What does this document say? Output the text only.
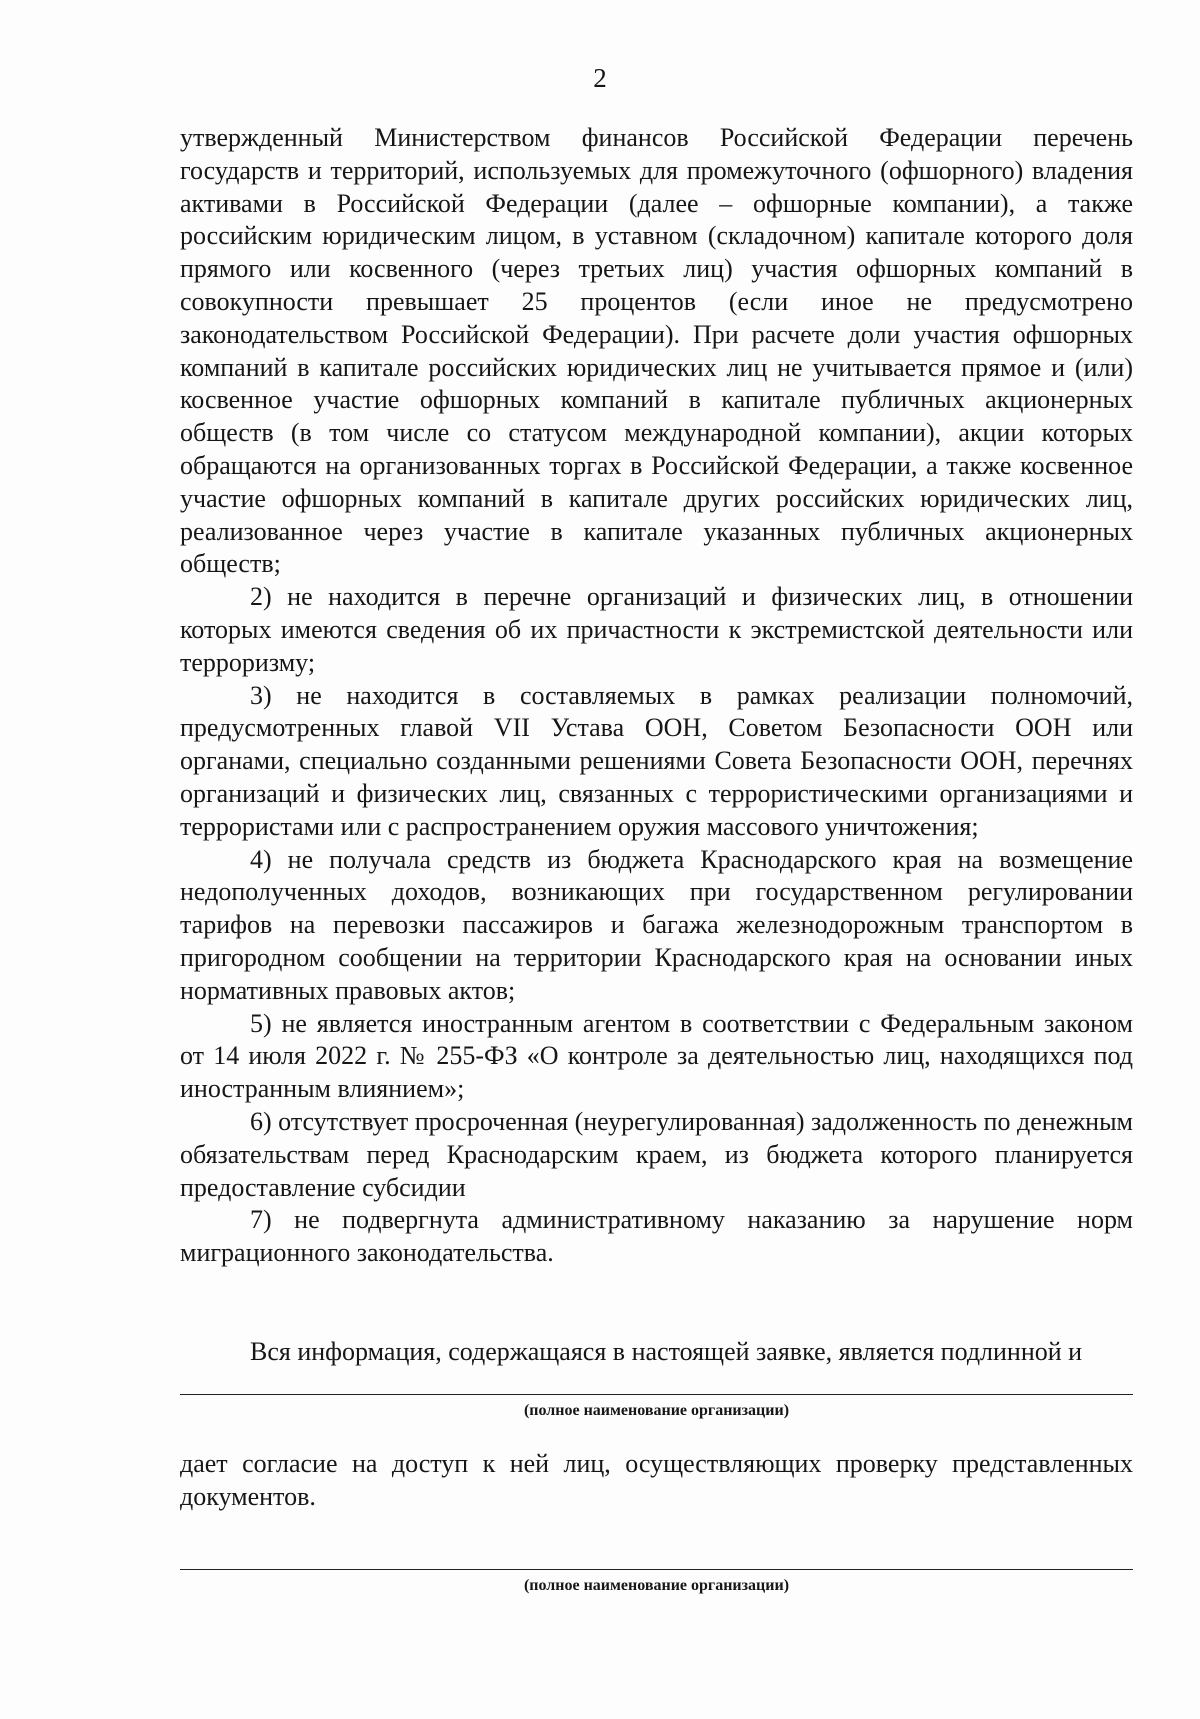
2

утвержденный Министерством финансов Российской Федерации перечень государств и территорий, используемых для промежуточного (офшорного) владения активами в Российской Федерации (далее – офшорные компании), а также российским юридическим лицом, в уставном (складочном) капитале которого доля прямого или косвенного (через третьих лиц) участия офшорных компаний в совокупности превышает 25 процентов (если иное не предусмотрено законодательством Российской Федерации). При расчете доли участия офшорных компаний в капитале российских юридических лиц не учитывается прямое и (или) косвенное участие офшорных компаний в капитале публичных акционерных обществ (в том числе со статусом международной компании), акции которых обращаются на организованных торгах в Российской Федерации, а также косвенное участие офшорных компаний в капитале других российских юридических лиц, реализованное через участие в капитале указанных публичных акционерных обществ;

2) не находится в перечне организаций и физических лиц, в отношении которых имеются сведения об их причастности к экстремистской деятельности или терроризму;

3) не находится в составляемых в рамках реализации полномочий, предусмотренных главой VII Устава ООН, Советом Безопасности ООН или органами, специально созданными решениями Совета Безопасности ООН, перечнях организаций и физических лиц, связанных с террористическими организациями и террористами или с распространением оружия массового уничтожения;

4) не получала средств из бюджета Краснодарского края на возмещение недополученных доходов, возникающих при государственном регулировании тарифов на перевозки пассажиров и багажа железнодорожным транспортом в пригородном сообщении на территории Краснодарского края на основании иных нормативных правовых актов;

5) не является иностранным агентом в соответствии с Федеральным законом от 14 июля 2022 г. № 255-ФЗ «О контроле за деятельностью лиц, находящихся под иностранным влиянием»;

6) отсутствует просроченная (неурегулированная) задолженность по денежным обязательствам перед Краснодарским краем, из бюджета которого планируется предоставление субсидии

7) не подвергнута административному наказанию за нарушение норм миграционного законодательства.

Вся информация, содержащаяся в настоящей заявке, является подлинной и
(полное наименование организации)
дает согласие на доступ к ней лиц, осуществляющих проверку представленных документов.
(полное наименование организации)
